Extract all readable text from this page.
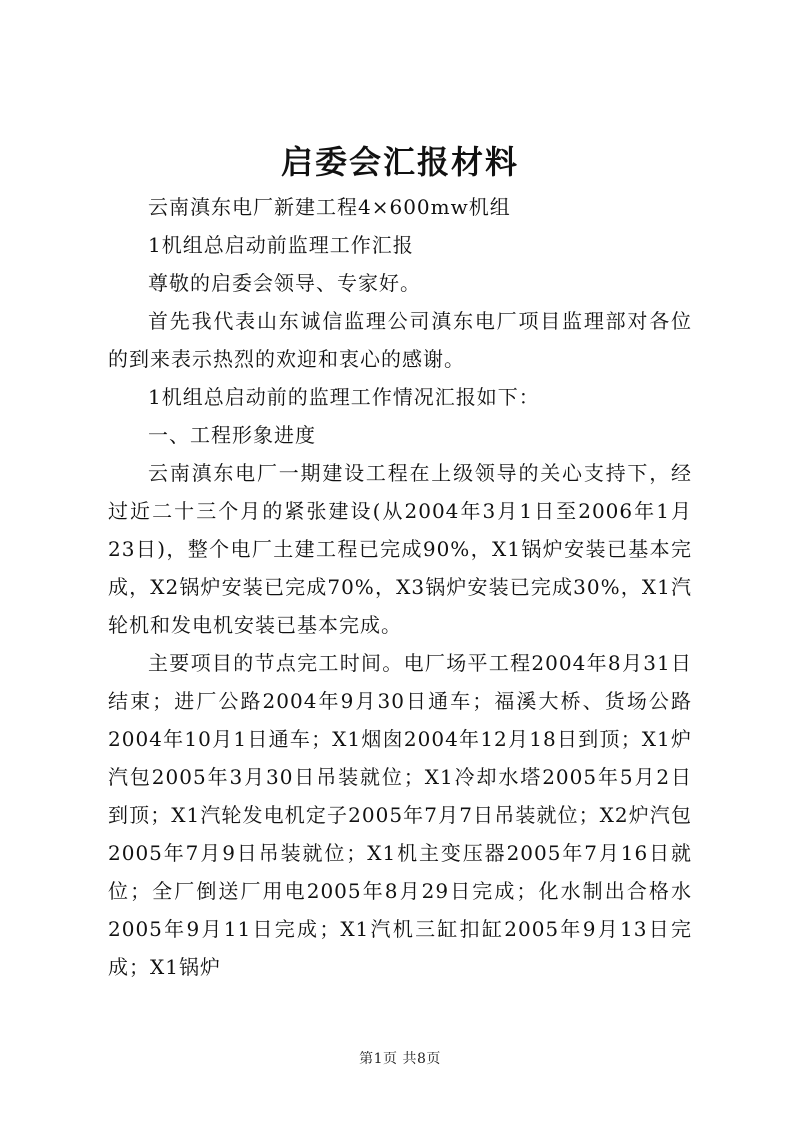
启委会汇报材料

云南滇东电厂新建工程4×600mw机组

1机组总启动前监理工作汇报

尊敬的启委会领导、专家好。

首先我代表山东诚信监理公司滇东电厂项目监理部对各位的到来表示热烈的欢迎和衷心的感谢。

1机组总启动前的监理工作情况汇报如下：

一、工程形象进度

云南滇东电厂一期建设工程在上级领导的关心支持下，经过近二十三个月的紧张建设(从2004年3月1日至2006年1月23日)，整个电厂土建工程已完成90%，X1锅炉安装已基本完成，X2锅炉安装已完成70%，X3锅炉安装已完成30%，X1汽轮机和发电机安装已基本完成。

主要项目的节点完工时间。电厂场平工程2004年8月31日结束；进厂公路2004年9月30日通车；福溪大桥、货场公路2004年10月1日通车；X1烟囱2004年12月18日到顶；X1炉汽包2005年3月30日吊装就位；X1冷却水塔2005年5月2日到顶；X1汽轮发电机定子2005年7月7日吊装就位；X2炉汽包2005年7月9日吊装就位；X1机主变压器2005年7月16日就位；全厂倒送厂用电2005年8月29日完成；化水制出合格水2005年9月11日完成；X1汽机三缸扣缸2005年9月13日完成；X1锅炉

第1页 共8页
